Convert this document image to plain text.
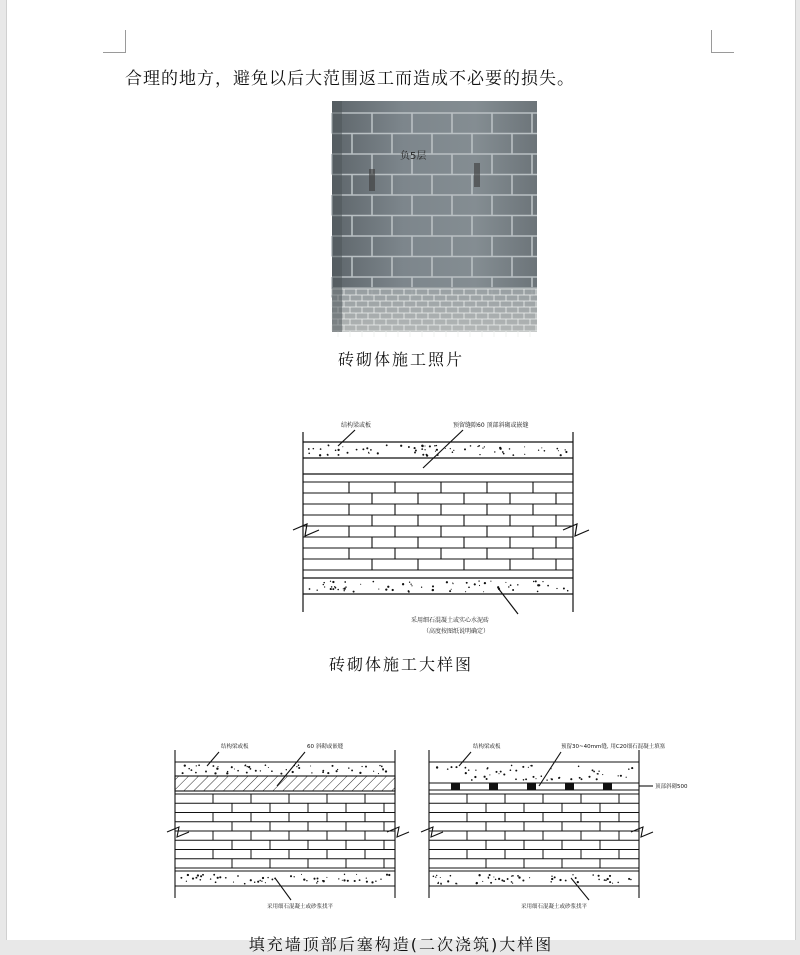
合理的地方，避免以后大范围返工而造成不必要的损失。
负5层
砖砌体施工照片
结构梁或板	预留缝隙60 顶部斜砌或嵌缝
采用细石混凝土或实心水泥砖
（高度按图纸说明确定）
砖砌体施工大样图
结构梁或板	60 斜砌或嵌缝
采用细石混凝土或砂浆找平
结构梁或板	预留30~40mm缝, 用C20细石混凝土填塞
顶部斜砌500
采用细石混凝土或砂浆找平
填充墙顶部后塞构造(二次浇筑)大样图
